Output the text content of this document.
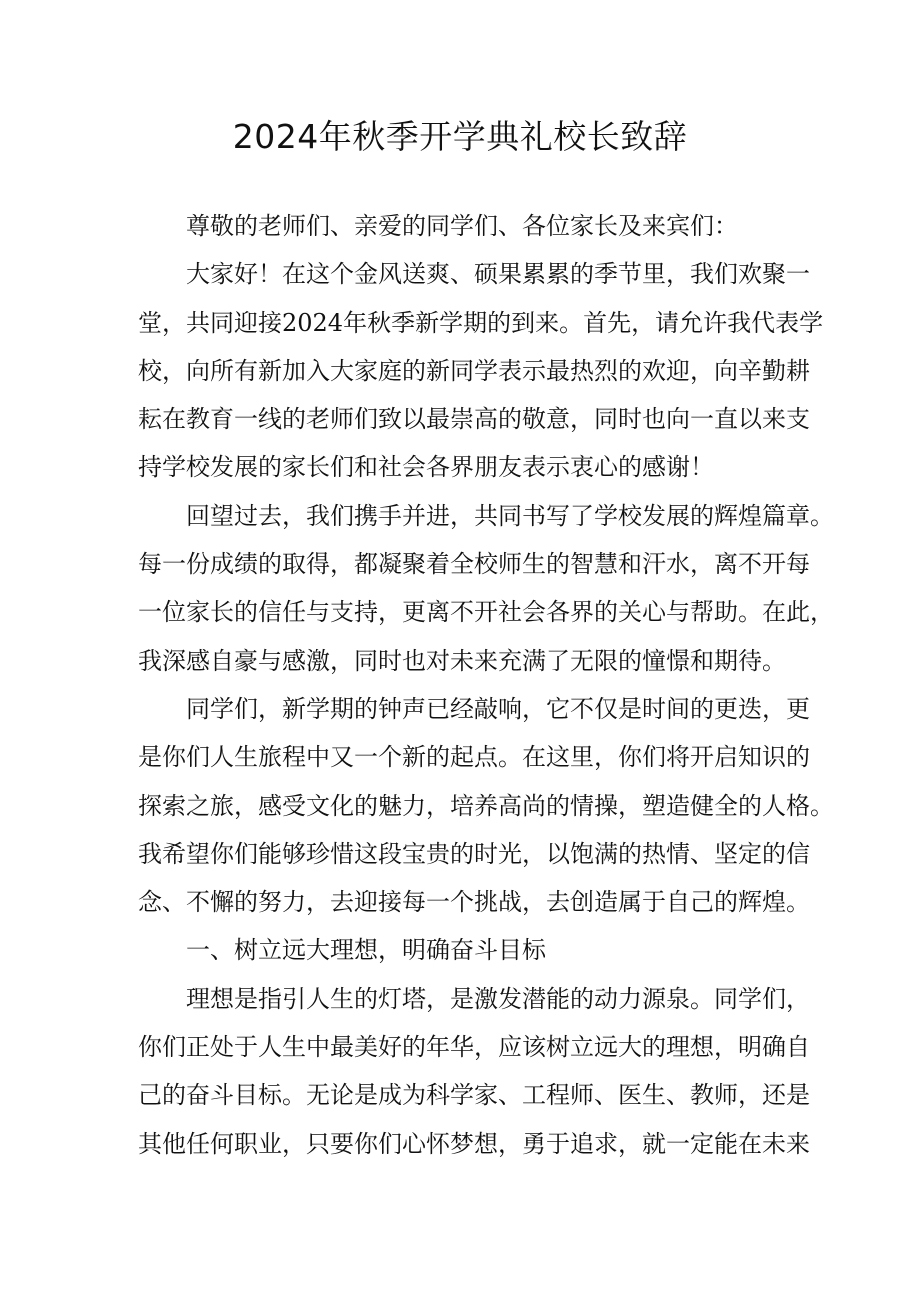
2024年秋季开学典礼校长致辞
尊敬的老师们、亲爱的同学们、各位家长及来宾们：
大家好！在这个金风送爽、硕果累累的季节里，我们欢聚一
堂，共同迎接2024年秋季新学期的到来。首先，请允许我代表学
校，向所有新加入大家庭的新同学表示最热烈的欢迎，向辛勤耕
耘在教育一线的老师们致以最崇高的敬意，同时也向一直以来支
持学校发展的家长们和社会各界朋友表示衷心的感谢！
回望过去，我们携手并进，共同书写了学校发展的辉煌篇章。
每一份成绩的取得，都凝聚着全校师生的智慧和汗水，离不开每
一位家长的信任与支持，更离不开社会各界的关心与帮助。在此，
我深感自豪与感激，同时也对未来充满了无限的憧憬和期待。
同学们，新学期的钟声已经敲响，它不仅是时间的更迭，更
是你们人生旅程中又一个新的起点。在这里，你们将开启知识的
探索之旅，感受文化的魅力，培养高尚的情操，塑造健全的人格。
我希望你们能够珍惜这段宝贵的时光，以饱满的热情、坚定的信
念、不懈的努力，去迎接每一个挑战，去创造属于自己的辉煌。
一、树立远大理想，明确奋斗目标
理想是指引人生的灯塔，是激发潜能的动力源泉。同学们，
你们正处于人生中最美好的年华，应该树立远大的理想，明确自
己的奋斗目标。无论是成为科学家、工程师、医生、教师，还是
其他任何职业，只要你们心怀梦想，勇于追求，就一定能在未来
